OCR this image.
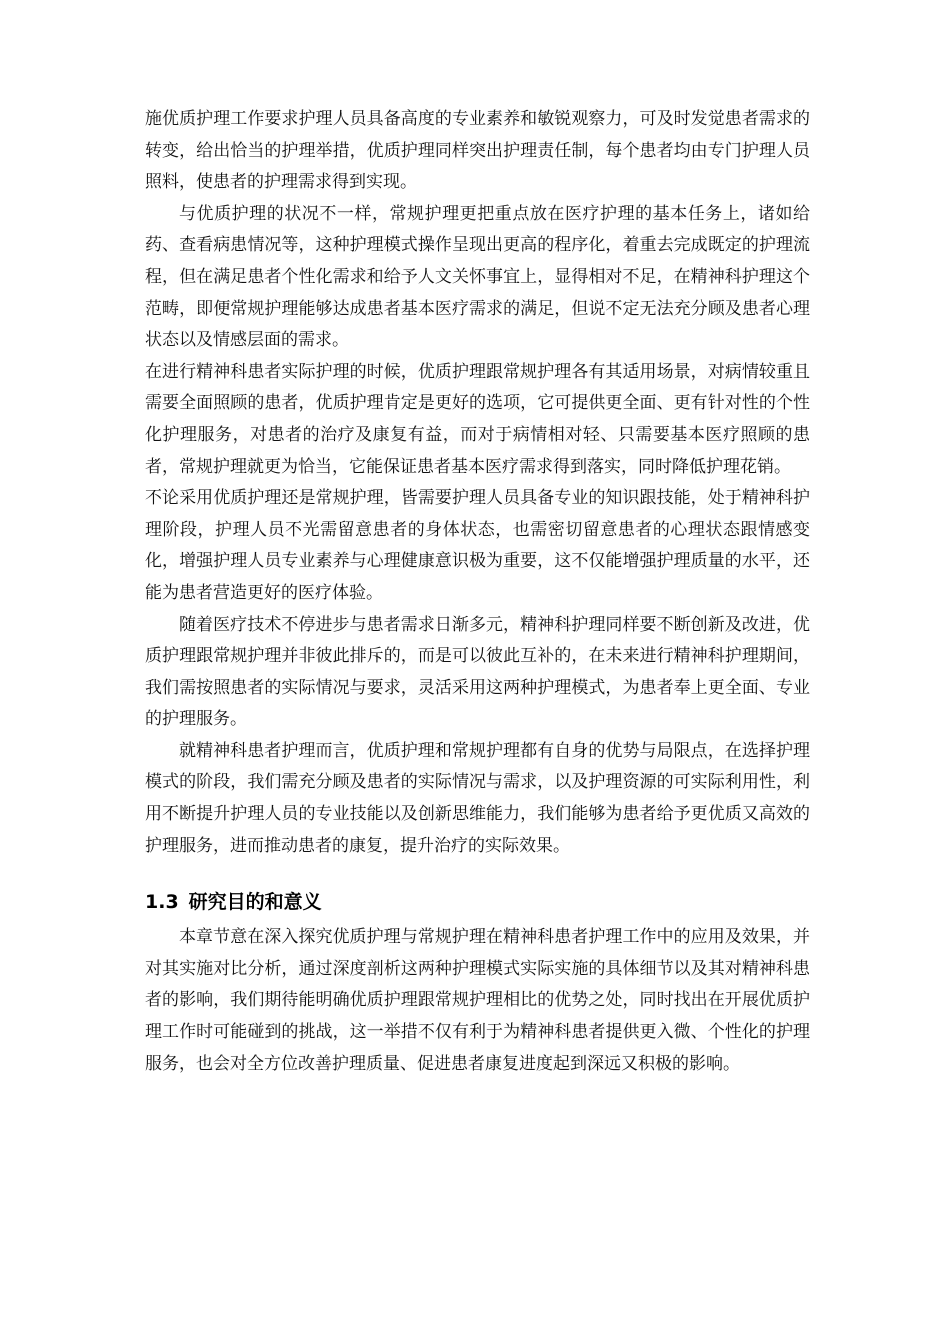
施优质护理工作要求护理人员具备高度的专业素养和敏锐观察力，可及时发觉患者需求的转变，给出恰当的护理举措，优质护理同样突出护理责任制，每个患者均由专门护理人员照料，使患者的护理需求得到实现。

与优质护理的状况不一样，常规护理更把重点放在医疗护理的基本任务上，诸如给药、查看病患情况等，这种护理模式操作呈现出更高的程序化，着重去完成既定的护理流程，但在满足患者个性化需求和给予人文关怀事宜上，显得相对不足，在精神科护理这个范畴，即便常规护理能够达成患者基本医疗需求的满足，但说不定无法充分顾及患者心理状态以及情感层面的需求。

在进行精神科患者实际护理的时候，优质护理跟常规护理各有其适用场景，对病情较重且需要全面照顾的患者，优质护理肯定是更好的选项，它可提供更全面、更有针对性的个性化护理服务，对患者的治疗及康复有益，而对于病情相对轻、只需要基本医疗照顾的患者，常规护理就更为恰当，它能保证患者基本医疗需求得到落实，同时降低护理花销。

不论采用优质护理还是常规护理，皆需要护理人员具备专业的知识跟技能，处于精神科护理阶段，护理人员不光需留意患者的身体状态，也需密切留意患者的心理状态跟情感变化，增强护理人员专业素养与心理健康意识极为重要，这不仅能增强护理质量的水平，还能为患者营造更好的医疗体验。

随着医疗技术不停进步与患者需求日渐多元，精神科护理同样要不断创新及改进，优质护理跟常规护理并非彼此排斥的，而是可以彼此互补的，在未来进行精神科护理期间，我们需按照患者的实际情况与要求，灵活采用这两种护理模式，为患者奉上更全面、专业的护理服务。

就精神科患者护理而言，优质护理和常规护理都有自身的优势与局限点，在选择护理模式的阶段，我们需充分顾及患者的实际情况与需求，以及护理资源的可实际利用性，利用不断提升护理人员的专业技能以及创新思维能力，我们能够为患者给予更优质又高效的护理服务，进而推动患者的康复，提升治疗的实际效果。

1.3 研究目的和意义

本章节意在深入探究优质护理与常规护理在精神科患者护理工作中的应用及效果，并对其实施对比分析，通过深度剖析这两种护理模式实际实施的具体细节以及其对精神科患者的影响，我们期待能明确优质护理跟常规护理相比的优势之处，同时找出在开展优质护理工作时可能碰到的挑战，这一举措不仅有利于为精神科患者提供更入微、个性化的护理服务，也会对全方位改善护理质量、促进患者康复进度起到深远又积极的影响。
